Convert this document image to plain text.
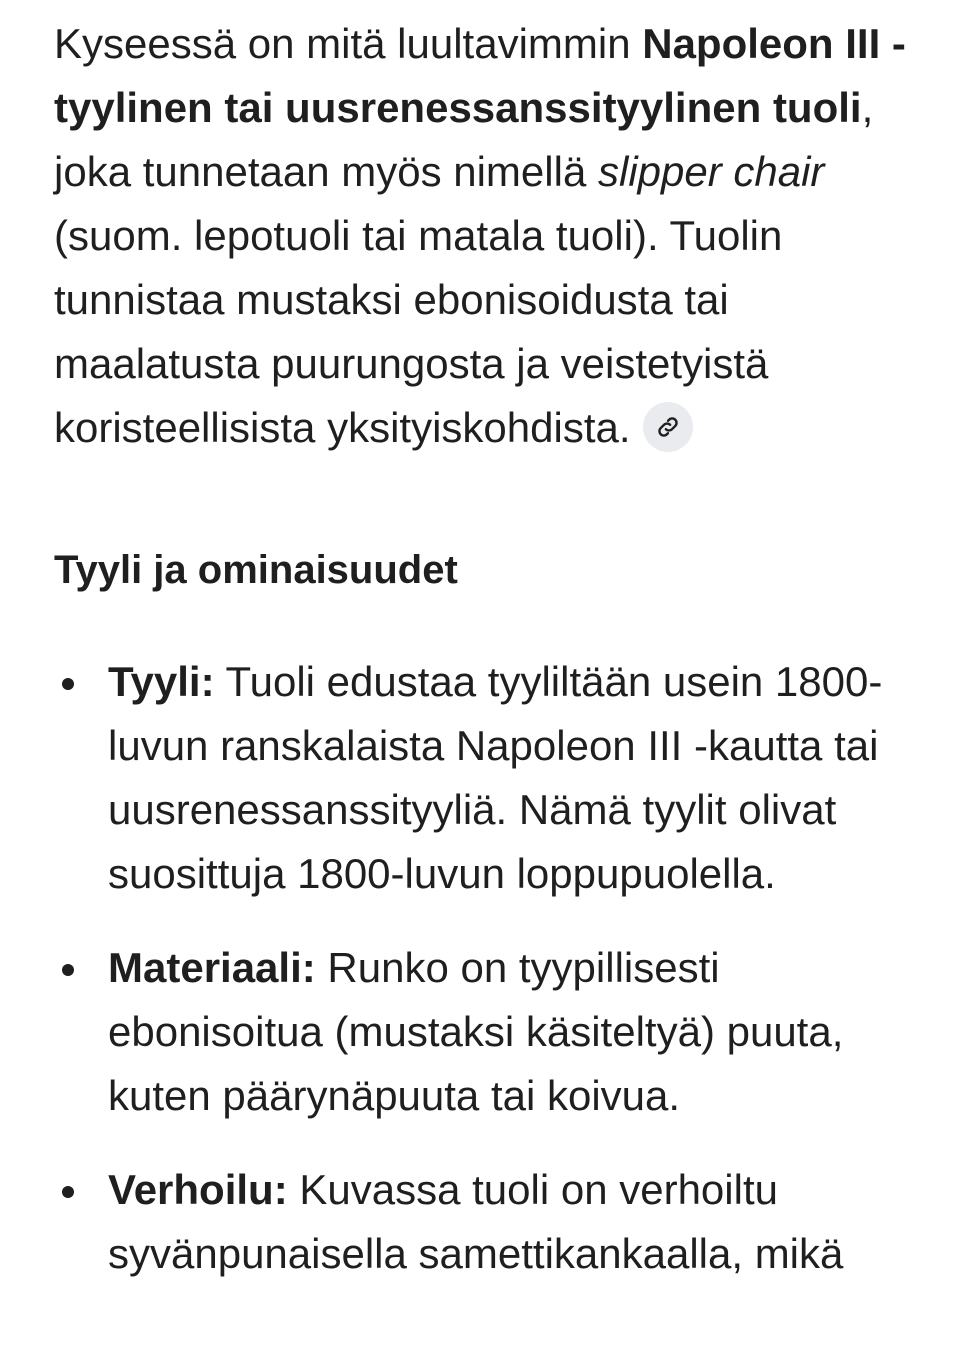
Kyseessä on mitä luultavimmin Napoleon III -tyylinen tai uusrenessanssityylinen tuoli, joka tunnetaan myös nimellä slipper chair (suom. lepotuoli tai matala tuoli). Tuolin tunnistaa mustaksi ebonisoidusta tai maalatusta puurungosta ja veistetyistä koristeellisista yksityiskohdista.

Tyyli ja ominaisuudet
Tyyli: Tuoli edustaa tyyliltään usein 1800-luvun ranskalaista Napoleon III -kautta tai uusrenessanssityyliä. Nämä tyylit olivat suosittuja 1800-luvun loppupuolella.
Materiaali: Runko on tyypillisesti ebonisoitua (mustaksi käsiteltyä) puuta, kuten päärynäpuuta tai koivua.
Verhoilu: Kuvassa tuoli on verhoiltu syvänpunaisella samettikankaalla, mikä
